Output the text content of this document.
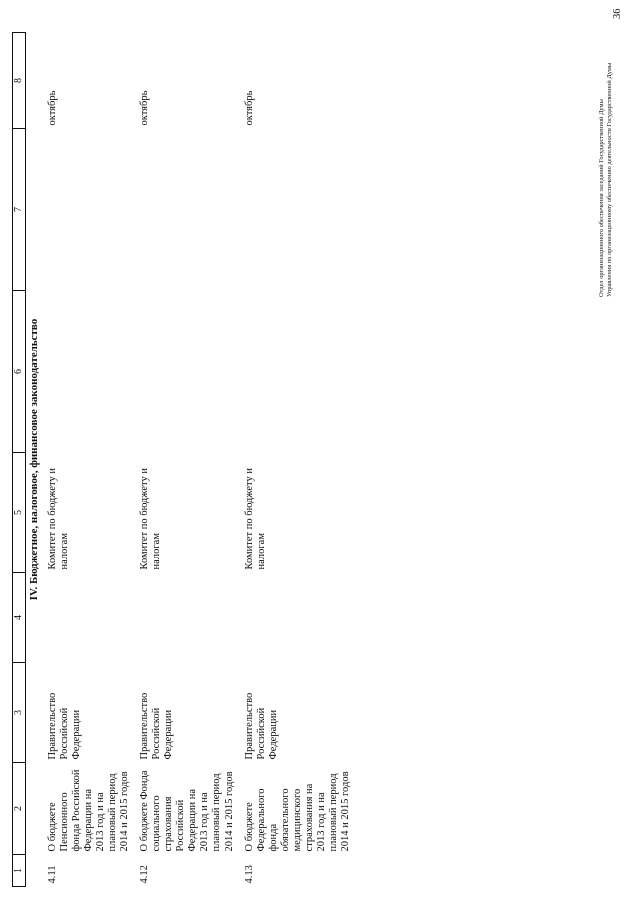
1	2	3	4	5	6	7	8
IV. Бюджетное, налоговое, финансовое законодательство							
4.11	О бюджете Пенсионного фонда Российской Федерации на 2013 год и на плановый период 2014 и 2015 годов	Правительство Российской Федерации		Комитет по бюджету и налогам			октябрь
4.12	О бюджете Фонда социального страхования Российской Федерации на 2013 год и на плановый период 2014 и 2015 годов	Правительство Российской Федерации		Комитет по бюджету и налогам			октябрь
4.13	О бюджете Федерального фонда обязательного медицинского страхования на 2013 год и на плановый период 2014 и 2015 годов	Правительство Российской Федерации		Комитет по бюджету и налогам			октябрь	Отдел организационного обеспечения заседаний Государственной Думы Управления по организационному обеспечению деятельности Государственной Думы
36
